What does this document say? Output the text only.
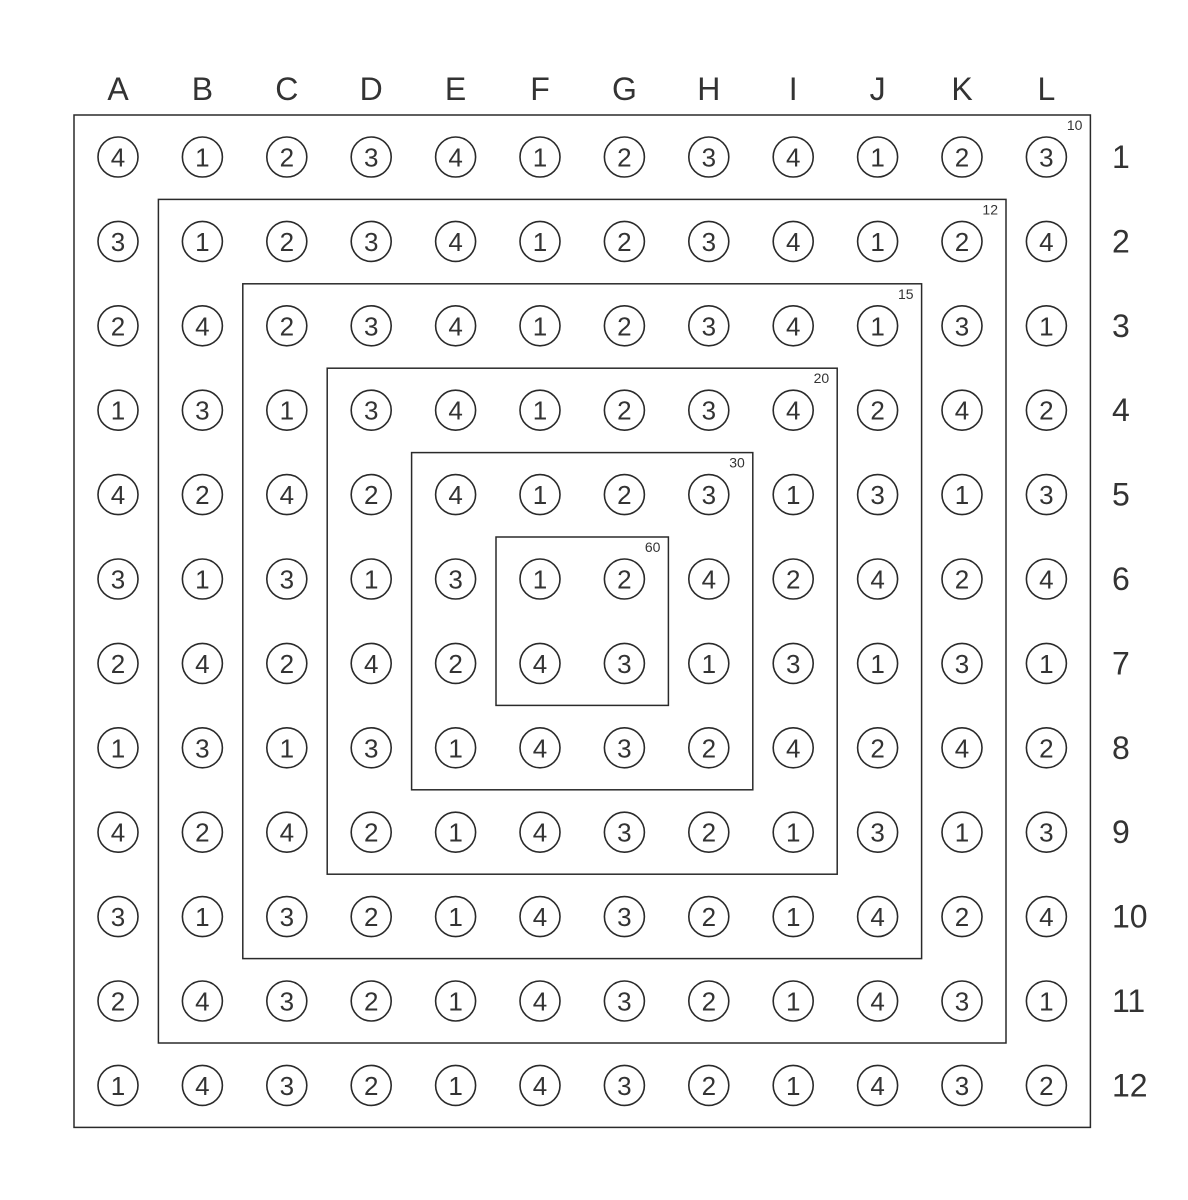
10
12
15
20
30
60
A B C D E F G H I J K L
1
2
3
4
5
6
7
8
9
10
11
12
4	1	2	3	4	1	2	3	4	1	2	3
3	1	2	3	4	1	2	3	4	1	2	4
2	4	2	3	4	1	2	3	4	1	3	1
1	3	1	3	4	1	2	3	4	2	4	2
4	2	4	2	4	1	2	3	1	3	1	3
3	1	3	1	3	1	2	4	2	4	2	4
2	4	2	4	2	4	3	1	3	1	3	1
1	3	1	3	1	4	3	2	4	2	4	2
4	2	4	2	1	4	3	2	1	3	1	3
3	1	3	2	1	4	3	2	1	4	2	4
2	4	3	2	1	4	3	2	1	4	3	1
1	4	3	2	1	4	3	2	1	4	3	2
